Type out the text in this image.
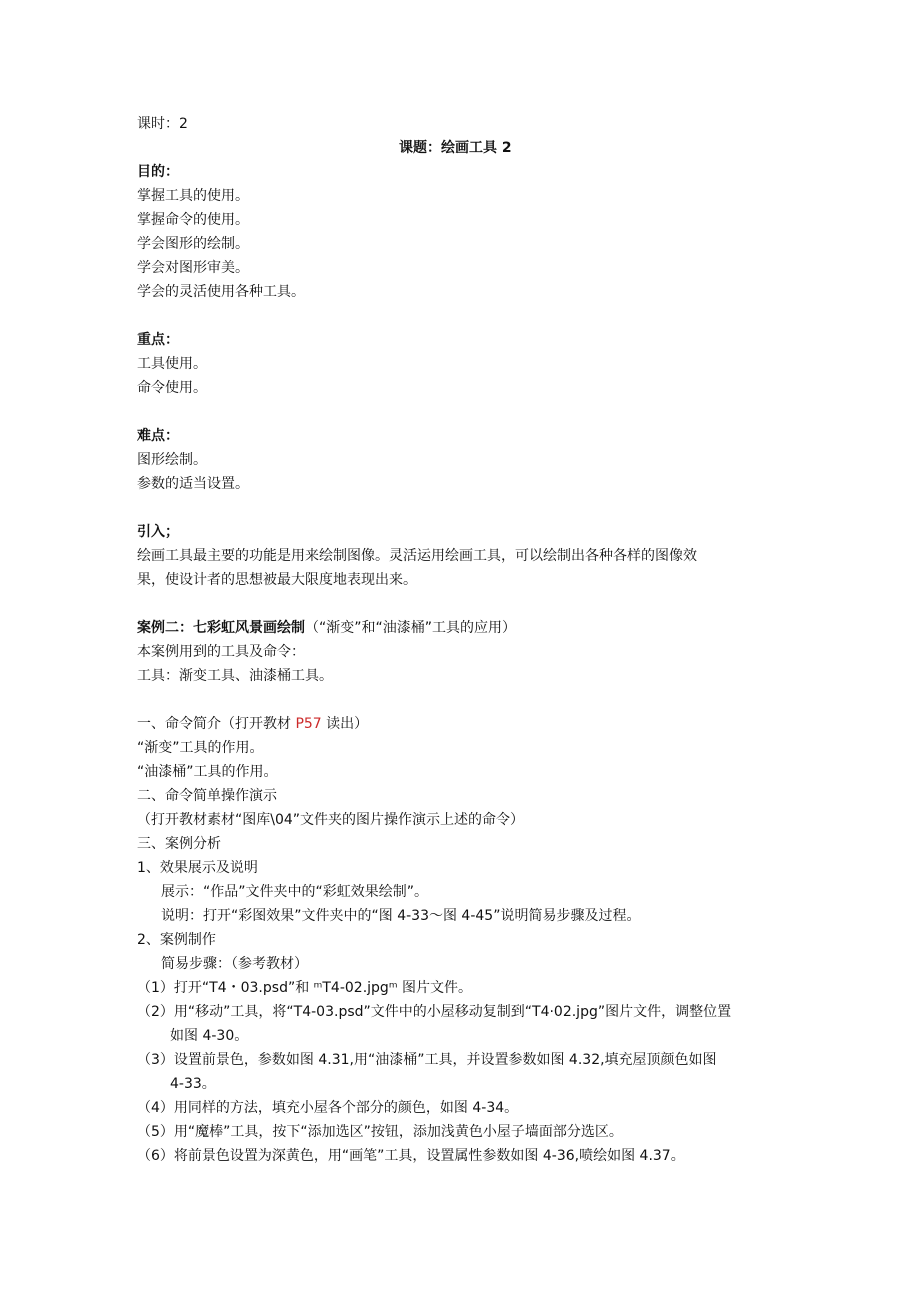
课时：2
课题：绘画工具 2
目的：
掌握工具的使用。
掌握命令的使用。
学会图形的绘制。
学会对图形审美。
学会的灵活使用各种工具。
重点：
工具使用。
命令使用。
难点：
图形绘制。
参数的适当设置。
引入；
绘画工具最主要的功能是用来绘制图像。灵活运用绘画工具，可以绘制出各种各样的图像效
果，使设计者的思想被最大限度地表现出来。
案例二：七彩虹风景画绘制（“渐变”和“油漆桶”工具的应用）
本案例用到的工具及命令：
工具：渐变工具、油漆桶工具。
一、命令简介（打开教材 P57 读出）
“渐变”工具的作用。
“油漆桶”工具的作用。
二、命令简单操作演示
（打开教材素材“图库\04”文件夹的图片操作演示上述的命令）
三、案例分析
1、效果展示及说明
展示：“作品”文件夹中的“彩虹效果绘制”。
说明：打开“彩图效果”文件夹中的“图 4-33～图 4-45”说明简易步骤及过程。
2、案例制作
简易步骤：（参考教材）
（1）打开“T4・03.psd”和 ᵐT4-02.jpgᵐ 图片文件。
（2）用“移动”工具，将“T4-03.psd”文件中的小屋移动复制到“T4·02.jpg”图片文件，调整位置
如图 4-30。
（3）设置前景色，参数如图 4.31,用“油漆桶”工具，并设置参数如图 4.32,填充屋顶颜色如图
4-33。
（4）用同样的方法，填充小屋各个部分的颜色，如图 4-34。
（5）用“魔棒”工具，按下“添加选区”按钮，添加浅黄色小屋子墙面部分选区。
（6）将前景色设置为深黄色，用“画笔”工具，设置属性参数如图 4-36,喷绘如图 4.37。
